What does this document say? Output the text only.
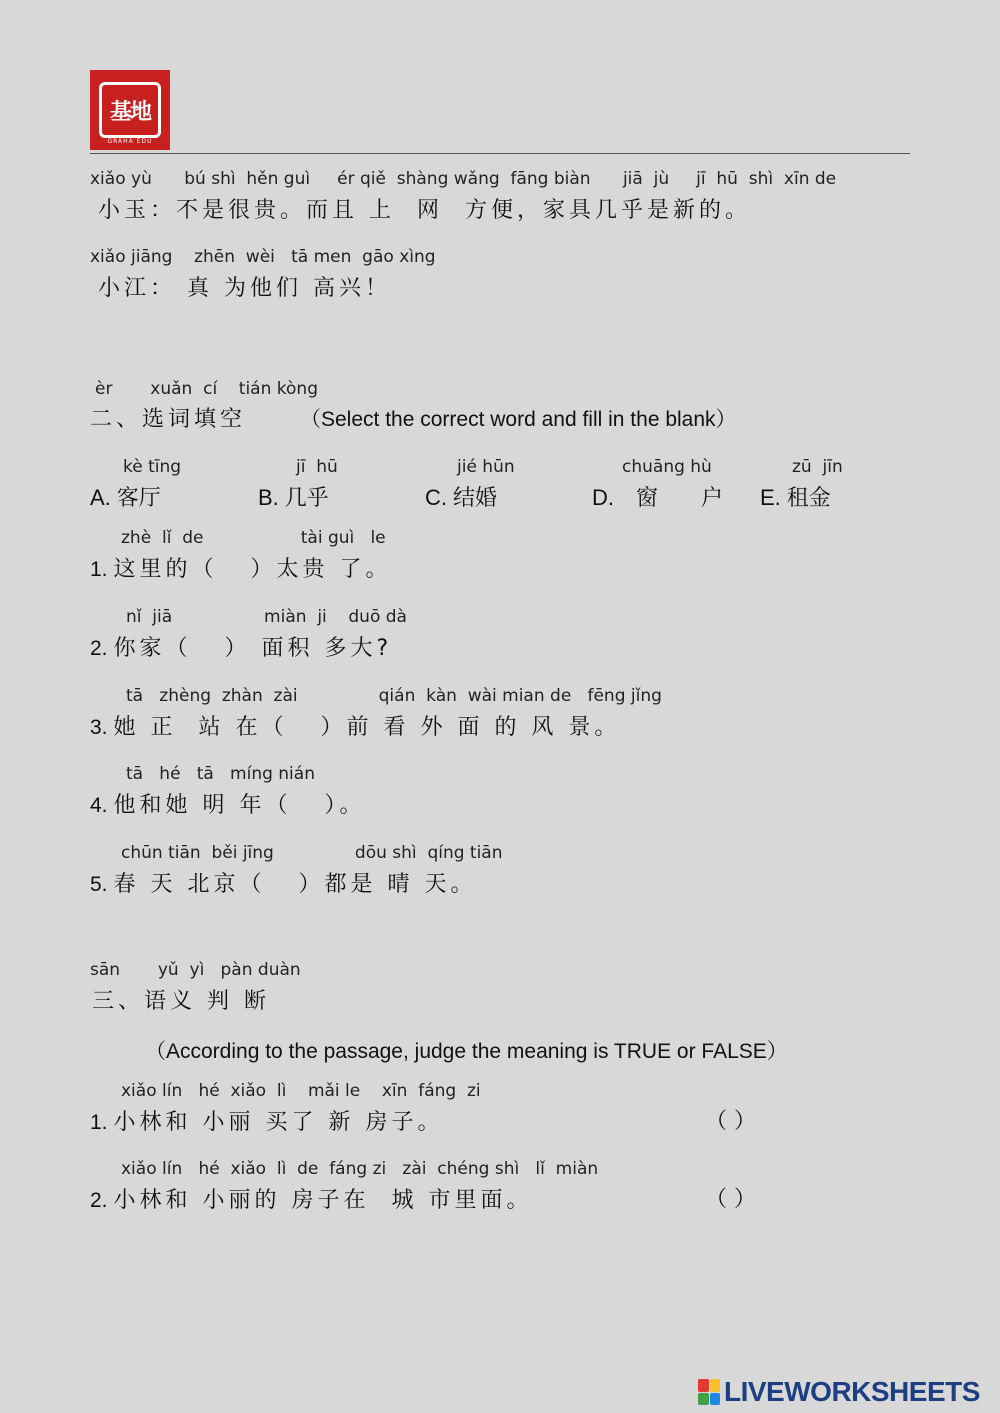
基地
GRAHA EDU
xiǎo yù      bú shì  hěn guì     ér qiě  shàng wǎng  fāng biàn      jiā  jù     jī  hū  shì  xīn de
小玉：不是很贵。而且 上  网  方便，家具几乎是新的。
xiǎo jiāng    zhēn  wèi   tā men  gāo xìng
小江： 真 为他们 高兴！
èr       xuǎn  cí    tián kòng
二、选词填空	（Select the correct word and fill in the blank）
kè tīng
A. 客厅
jī  hū
B. 几乎
jié hūn
C. 结婚
chuāng hù
D. 窗 户
zū  jīn
E. 租金
zhè  lǐ  de                  tài guì   le
1. 这里的（   ）太贵 了。
nǐ  jiā                 miàn  ji    duō dà
2. 你家（   ） 面积 多大?
tā   zhèng  zhàn  zài               qián  kàn  wài mian de   fēng jǐng
3. 她 正  站 在（   ）前 看 外 面 的 风 景。
tā   hé   tā   míng nián
4. 他和她 明 年（   ）。
chūn tiān  běi jīng               dōu shì  qíng tiān
5. 春 天 北京（   ）都是 晴 天。
sān       yǔ  yì   pàn duàn
三、语义 判 断
（According to the passage, judge the meaning is TRUE or FALSE）
xiǎo lín   hé  xiǎo  lì    mǎi le    xīn  fáng  zi
1. 小林和 小丽 买了 新 房子。	（ ）
xiǎo lín   hé  xiǎo  lì  de  fáng zi   zài  chéng shì   lǐ  miàn
2. 小林和 小丽的 房子在  城 市里面。	（ ）
LIVEWORKSHEETS
